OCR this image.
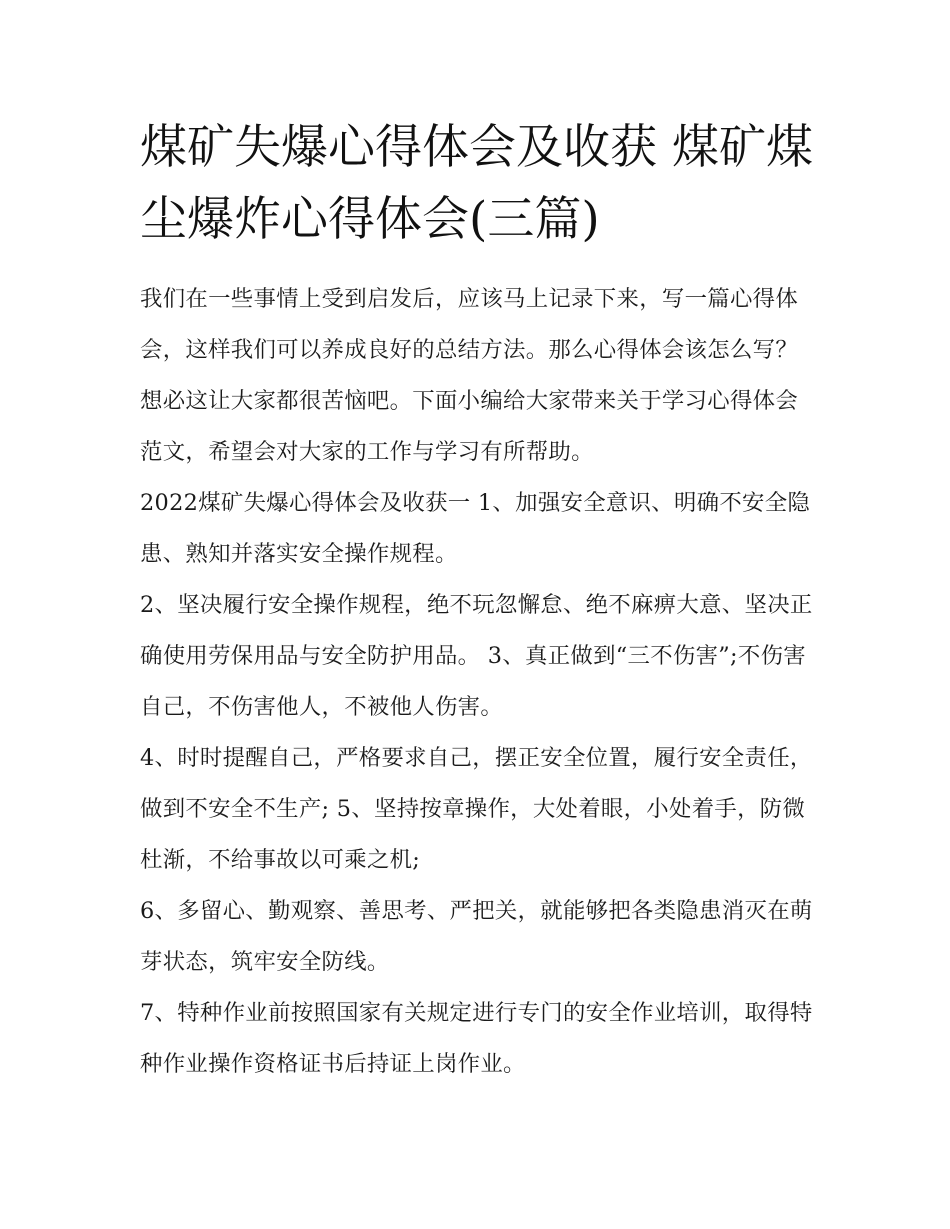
煤矿失爆心得体会及收获 煤矿煤尘爆炸心得体会(三篇)

我们在一些事情上受到启发后，应该马上记录下来，写一篇心得体会，这样我们可以养成良好的总结方法。那么心得体会该怎么写？想必这让大家都很苦恼吧。下面小编给大家带来关于学习心得体会范文，希望会对大家的工作与学习有所帮助。

2022煤矿失爆心得体会及收获一 1、加强安全意识、明确不安全隐患、熟知并落实安全操作规程。

2、坚决履行安全操作规程，绝不玩忽懈怠、绝不麻痹大意、坚决正确使用劳保用品与安全防护用品。 3、真正做到“三不伤害”;不伤害自己，不伤害他人，不被他人伤害。

4、时时提醒自己，严格要求自己，摆正安全位置，履行安全责任，做到不安全不生产; 5、坚持按章操作，大处着眼，小处着手，防微杜渐，不给事故以可乘之机;

6、多留心、勤观察、善思考、严把关，就能够把各类隐患消灭在萌芽状态，筑牢安全防线。

7、特种作业前按照国家有关规定进行专门的安全作业培训，取得特种作业操作资格证书后持证上岗作业。
